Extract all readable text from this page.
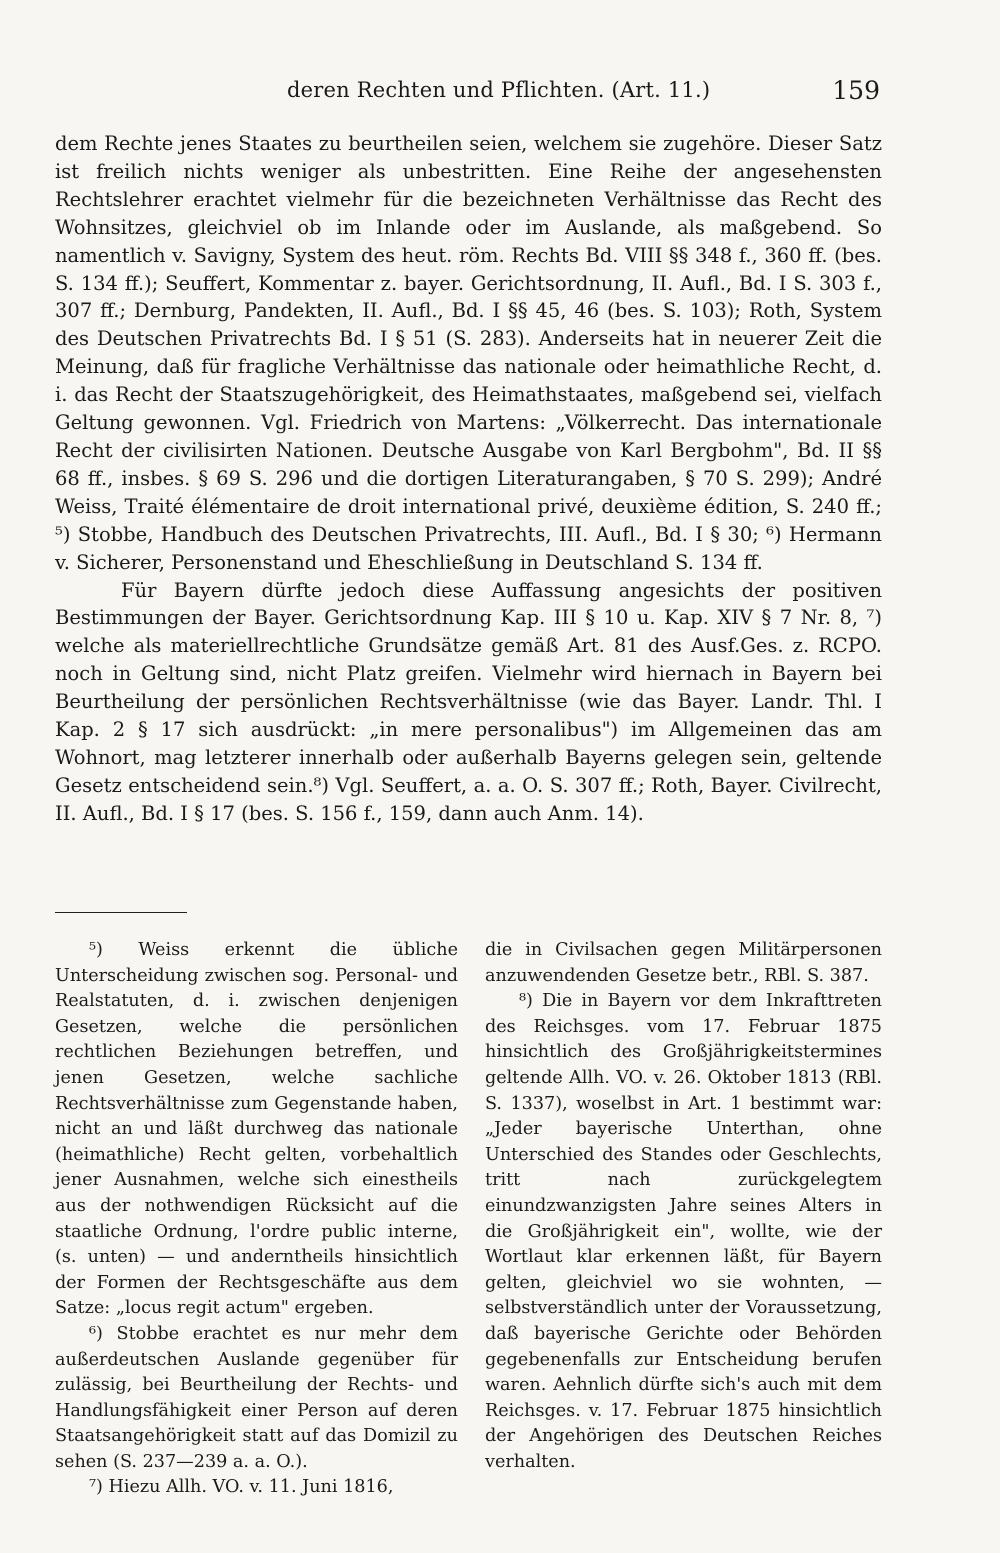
deren Rechten und Pflichten. (Art. 11.)	159

dem Rechte jenes Staates zu beurtheilen seien, welchem sie zugehöre. Dieser Satz ist freilich nichts weniger als unbestritten. Eine Reihe der angesehensten Rechtslehrer erachtet vielmehr für die bezeichneten Verhältnisse das Recht des Wohnsitzes, gleichviel ob im Inlande oder im Auslande, als maßgebend. So namentlich v. Savigny, System des heut. röm. Rechts Bd. VIII §§ 348 f., 360 ff. (bes. S. 134 ff.); Seuffert, Kommentar z. bayer. Gerichtsordnung, II. Aufl., Bd. I S. 303 f., 307 ff.; Dernburg, Pandekten, II. Aufl., Bd. I §§ 45, 46 (bes. S. 103); Roth, System des Deutschen Privatrechts Bd. I § 51 (S. 283). Anderseits hat in neuerer Zeit die Meinung, daß für fragliche Verhältnisse das nationale oder heimathliche Recht, d. i. das Recht der Staatszugehörigkeit, des Heimathstaates, maßgebend sei, vielfach Geltung gewonnen. Vgl. Friedrich von Martens: „Völkerrecht. Das internationale Recht der civilisirten Nationen. Deutsche Ausgabe von Karl Bergbohm", Bd. II §§ 68 ff., insbes. § 69 S. 296 und die dortigen Literaturangaben, § 70 S. 299); André Weiss, Traité élémentaire de droit international privé, deuxième édition, S. 240 ff.; ⁵) Stobbe, Handbuch des Deutschen Privatrechts, III. Aufl., Bd. I § 30; ⁶) Hermann v. Sicherer, Personenstand und Eheschließung in Deutschland S. 134 ff.

Für Bayern dürfte jedoch diese Auffassung angesichts der positiven Bestimmungen der Bayer. Gerichtsordnung Kap. III § 10 u. Kap. XIV § 7 Nr. 8, ⁷) welche als materiellrechtliche Grundsätze gemäß Art. 81 des Ausf.Ges. z. RCPO. noch in Geltung sind, nicht Platz greifen. Vielmehr wird hiernach in Bayern bei Beurtheilung der persönlichen Rechtsverhältnisse (wie das Bayer. Landr. Thl. I Kap. 2 § 17 sich ausdrückt: „in mere personalibus") im Allgemeinen das am Wohnort, mag letzterer innerhalb oder außerhalb Bayerns gelegen sein, geltende Gesetz entscheidend sein.⁸) Vgl. Seuffert, a. a. O. S. 307 ff.; Roth, Bayer. Civilrecht, II. Aufl., Bd. I § 17 (bes. S. 156 f., 159, dann auch Anm. 14).

⁵) Weiss erkennt die übliche Unterscheidung zwischen sog. Personal- und Realstatuten, d. i. zwischen denjenigen Gesetzen, welche die persönlichen rechtlichen Beziehungen betreffen, und jenen Gesetzen, welche sachliche Rechtsverhältnisse zum Gegenstande haben, nicht an und läßt durchweg das nationale (heimathliche) Recht gelten, vorbehaltlich jener Ausnahmen, welche sich einestheils aus der nothwendigen Rücksicht auf die staatliche Ordnung, l'ordre public interne, (s. unten) — und anderntheils hinsichtlich der Formen der Rechtsgeschäfte aus dem Satze: „locus regit actum" ergeben.

⁶) Stobbe erachtet es nur mehr dem außerdeutschen Auslande gegenüber für zulässig, bei Beurtheilung der Rechts- und Handlungsfähigkeit einer Person auf deren Staatsangehörigkeit statt auf das Domizil zu sehen (S. 237—239 a. a. O.).

⁷) Hiezu Allh. VO. v. 11. Juni 1816,

die in Civilsachen gegen Militärpersonen anzuwendenden Gesetze betr., RBl. S. 387.

⁸) Die in Bayern vor dem Inkrafttreten des Reichsges. vom 17. Februar 1875 hinsichtlich des Großjährigkeitstermines geltende Allh. VO. v. 26. Oktober 1813 (RBl. S. 1337), woselbst in Art. 1 bestimmt war: „Jeder bayerische Unterthan, ohne Unterschied des Standes oder Geschlechts, tritt nach zurückgelegtem einundzwanzigsten Jahre seines Alters in die Großjährigkeit ein", wollte, wie der Wortlaut klar erkennen läßt, für Bayern gelten, gleichviel wo sie wohnten, — selbstverständlich unter der Voraussetzung, daß bayerische Gerichte oder Behörden gegebenenfalls zur Entscheidung berufen waren. Aehnlich dürfte sich's auch mit dem Reichsges. v. 17. Februar 1875 hinsichtlich der Angehörigen des Deutschen Reiches verhalten.
